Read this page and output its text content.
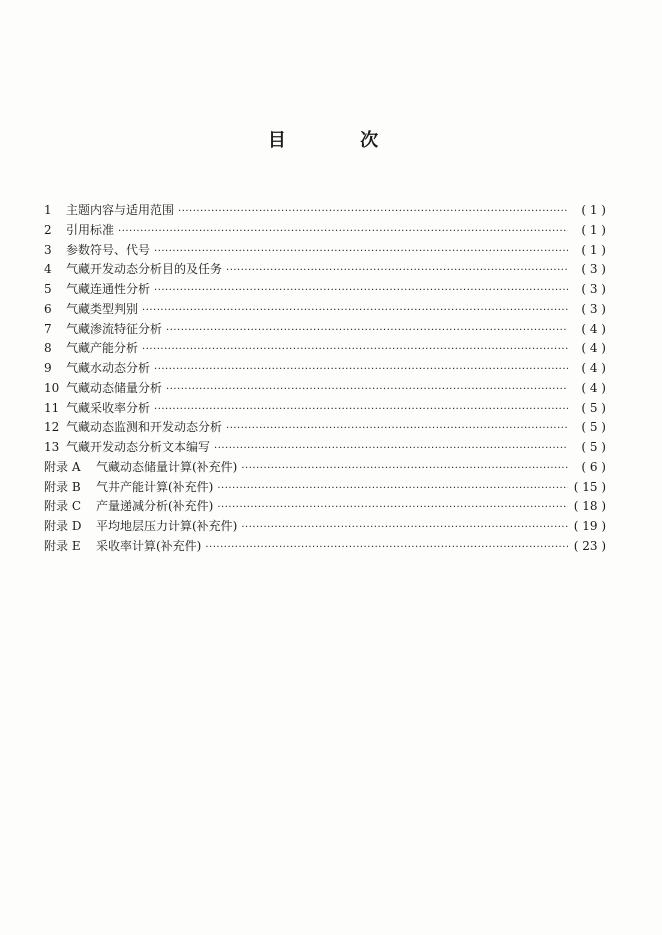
目 次
1	主题内容与适用范围 ·····	( 1 )
2	引用标准 ·····	( 1 )
3	参数符号、代号 ·····	( 1 )
4	气藏开发动态分析目的及任务 ·····	( 3 )
5	气藏连通性分析 ·····	( 3 )
6	气藏类型判别 ·····	( 3 )
7	气藏渗流特征分析 ·····	( 4 )
8	气藏产能分析 ·····	( 4 )
9	气藏水动态分析 ·····	( 4 )
10 气藏动态储量分析 ·····	( 4 )
11 气藏采收率分析 ·····	( 5 )
12 气藏动态监测和开发动态分析 ·····	( 5 )
13 气藏开发动态分析文本编写 ·····	( 5 )
附录 A	气藏动态储量计算(补充件) ·····	( 6 )
附录 B	气井产能计算(补充件) ·····	( 15 )
附录 C	产量递减分析(补充件) ·····	( 18 )
附录 D	平均地层压力计算(补充件) ·····	( 19 )
附录 E	采收率计算(补充件) ·····	( 23 )
